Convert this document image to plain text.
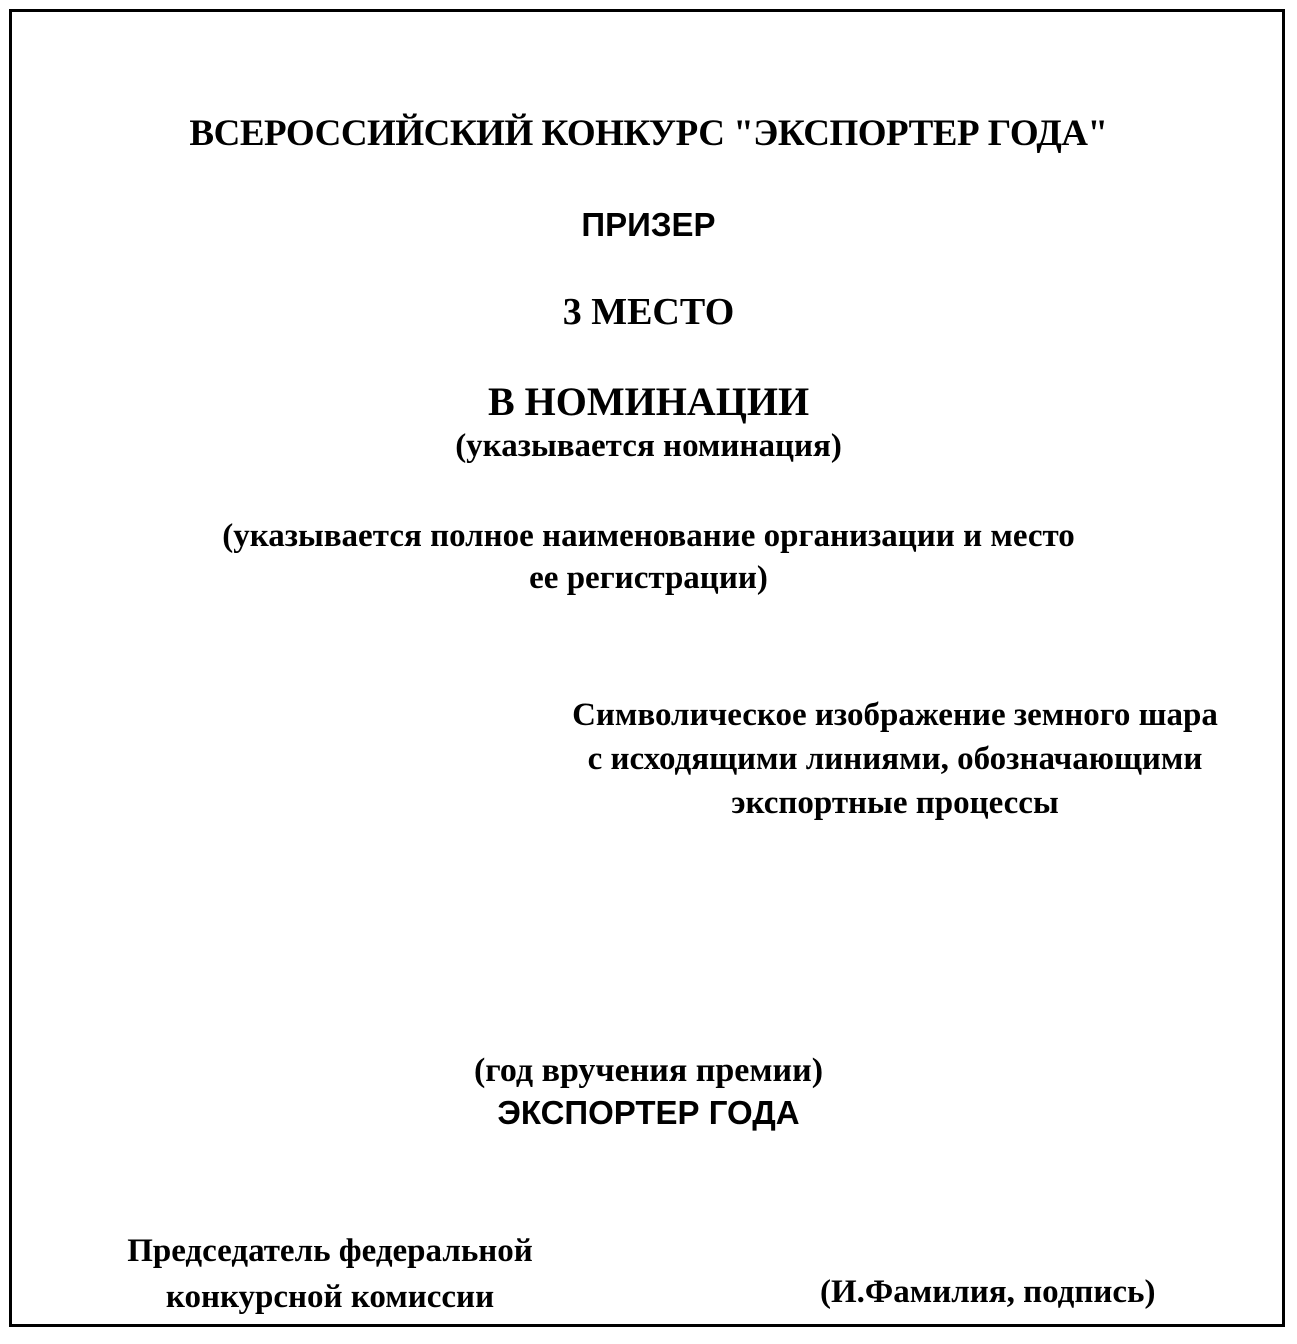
ВСЕРОССИЙСКИЙ КОНКУРС "ЭКСПОРТЕР ГОДА"
ПРИЗЕР
3 МЕСТО
В НОМИНАЦИИ
(указывается номинация)
(указывается полное наименование организации и место
ее регистрации)
Символическое изображение земного шара
с исходящими линиями, обозначающими
экспортные процессы
(год вручения премии)
ЭКСПОРТЕР ГОДА
Председатель федеральной
конкурсной комиссии	(И.Фамилия, подпись)
